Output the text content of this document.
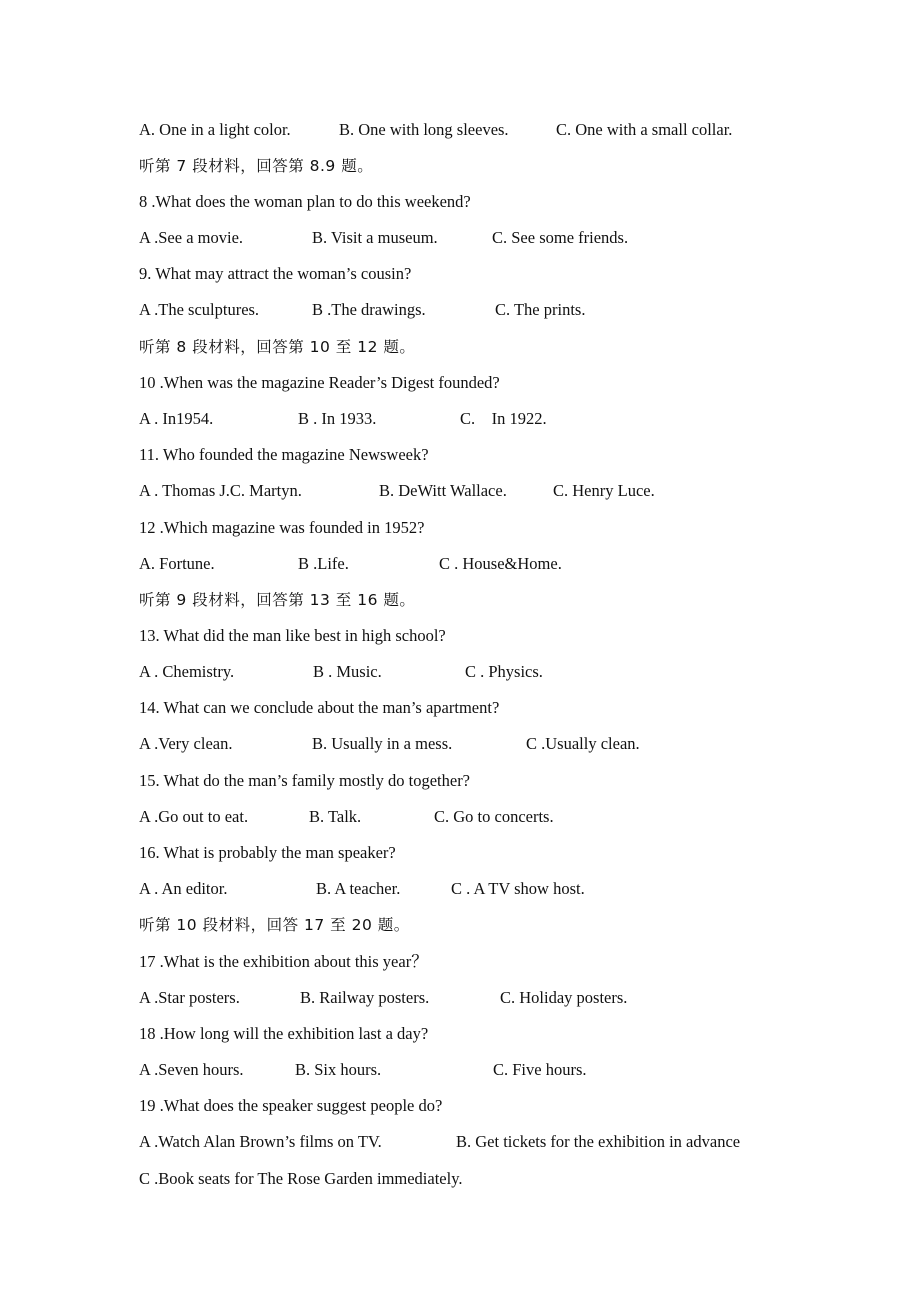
A. One in a light color.	B. One with long sleeves.	C. One with a small collar.
听第 7 段材料，回答第 8.9 题。
8 .What does the woman plan to do this weekend?
A .See a movie.	B. Visit a museum.	C. See some friends.
9. What may attract the woman’s cousin?
A .The sculptures.	B .The drawings.	C. The prints.
听第 8 段材料，回答第 10 至 12 题。
10 .When was the magazine Reader’s Digest founded?
A . In1954.	B . In 1933.	C.    In 1922.
11. Who founded the magazine Newsweek?
A . Thomas J.C. Martyn.	B. DeWitt Wallace.	C. Henry Luce.
12 .Which magazine was founded in 1952?
A. Fortune.	B .Life.	C . House&Home.
听第 9 段材料，回答第 13 至 16 题。
13. What did the man like best in high school?
A . Chemistry.	B . Music.	C . Physics.
14. What can we conclude about the man’s apartment?
A .Very clean.	B. Usually in a mess.	C .Usually clean.
15. What do the man’s family mostly do together?
A .Go out to eat.	B. Talk.	C. Go to concerts.
16. What is probably the man speaker?
A . An editor.	B. A teacher.	C . A TV show host.
听第 10 段材料，回答 17 至 20 题。
17 .What is the exhibition about this year？
A .Star posters.	B. Railway posters.	C. Holiday posters.
18 .How long will the exhibition last a day?
A .Seven hours.	B. Six hours.	C. Five hours.
19 .What does the speaker suggest people do?
A .Watch Alan Brown’s films on TV.	B. Get tickets for the exhibition in advance
C .Book seats for The Rose Garden immediately.
